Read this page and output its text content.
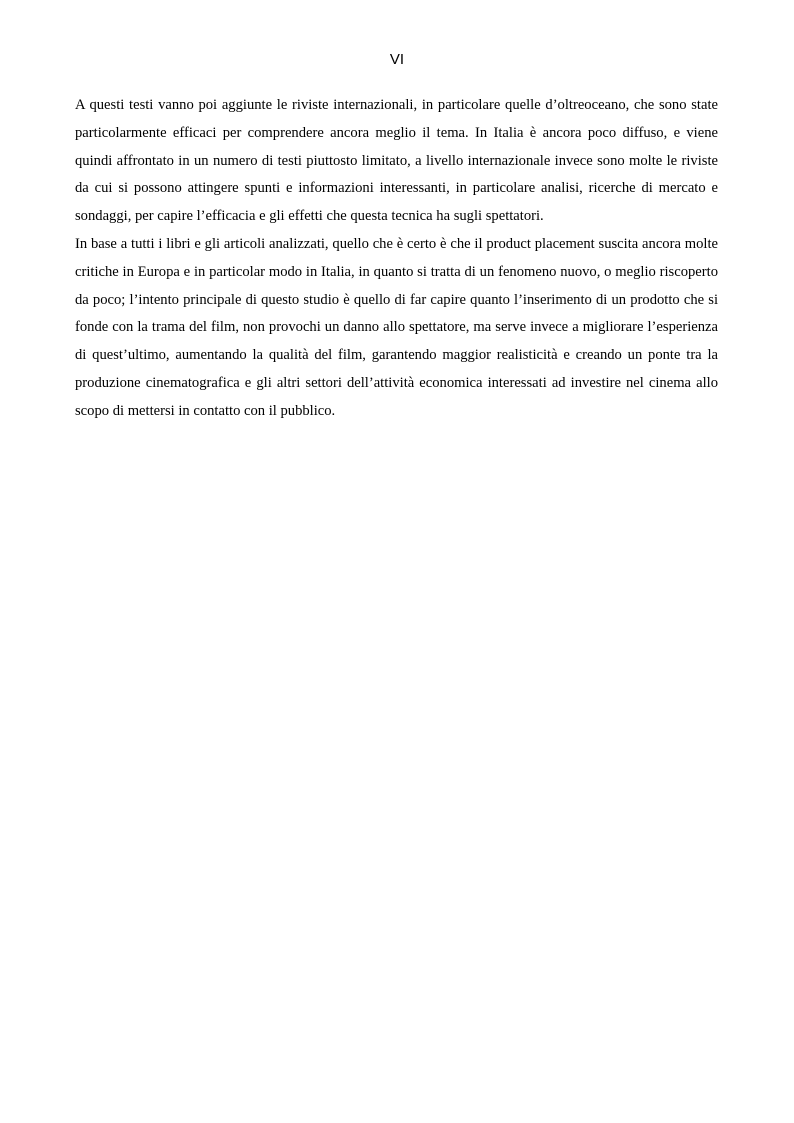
VI

A questi testi vanno poi aggiunte le riviste internazionali, in particolare quelle d’oltreoceano, che sono state particolarmente efficaci per comprendere ancora meglio il tema. In Italia è ancora poco diffuso, e viene quindi affrontato in un numero di testi piuttosto limitato, a livello internazionale invece sono molte le riviste da cui si possono attingere spunti e informazioni interessanti, in particolare analisi, ricerche di mercato e sondaggi, per capire l’efficacia e gli effetti che questa tecnica ha sugli spettatori.

In base a tutti i libri e gli articoli analizzati, quello che è certo è che il product placement suscita ancora molte critiche in Europa e in particolar modo in Italia, in quanto si tratta di un fenomeno nuovo, o meglio riscoperto da poco; l’intento principale di questo studio è quello di far capire quanto l’inserimento di un prodotto che si fonde con la trama del film, non provochi un danno allo spettatore, ma serve invece a migliorare l’esperienza di quest’ultimo, aumentando la qualità del film, garantendo maggior realisticità e creando un ponte tra la produzione cinematografica e gli altri settori dell’attività economica interessati ad investire nel cinema allo scopo di mettersi in contatto con il pubblico.
